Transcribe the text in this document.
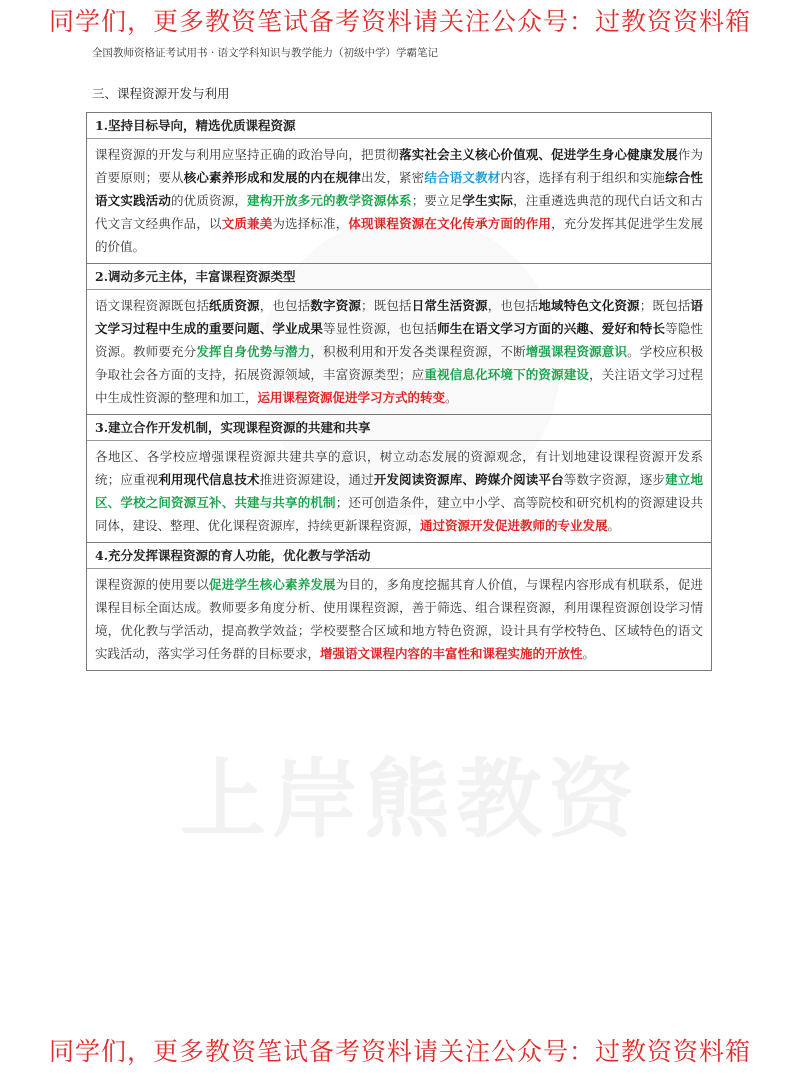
同学们，更多教资笔试备考资料请关注公众号：过教资资料箱
全国教师资格证考试用书 · 语文学科知识与教学能力（初级中学）学霸笔记
上岸熊教资
三、课程资源开发与利用
1.坚持目标导向，精选优质课程资源
课程资源的开发与利用应坚持正确的政治导向，把贯彻落实社会主义核心价值观、促进学生身心健康发展作为首要原则；要从核心素养形成和发展的内在规律出发，紧密结合语文教材内容，选择有利于组织和实施综合性语文实践活动的优质资源，建构开放多元的教学资源体系；要立足学生实际，注重遴选典范的现代白话文和古代文言文经典作品，以文质兼美为选择标准，体现课程资源在文化传承方面的作用，充分发挥其促进学生发展的价值。
2.调动多元主体，丰富课程资源类型
语文课程资源既包括纸质资源，也包括数字资源；既包括日常生活资源，也包括地域特色文化资源；既包括语文学习过程中生成的重要问题、学业成果等显性资源，也包括师生在语文学习方面的兴趣、爱好和特长等隐性资源。教师要充分发挥自身优势与潜力，积极利用和开发各类课程资源，不断增强课程资源意识。学校应积极争取社会各方面的支持，拓展资源领域，丰富资源类型；应重视信息化环境下的资源建设，关注语文学习过程中生成性资源的整理和加工，运用课程资源促进学习方式的转变。
3.建立合作开发机制，实现课程资源的共建和共享
各地区、各学校应增强课程资源共建共享的意识，树立动态发展的资源观念，有计划地建设课程资源开发系统；应重视利用现代信息技术推进资源建设，通过开发阅读资源库、跨媒介阅读平台等数字资源，逐步建立地区、学校之间资源互补、共建与共享的机制；还可创造条件，建立中小学、高等院校和研究机构的资源建设共同体，建设、整理、优化课程资源库，持续更新课程资源，通过资源开发促进教师的专业发展。
4.充分发挥课程资源的育人功能，优化教与学活动
课程资源的使用要以促进学生核心素养发展为目的，多角度挖掘其育人价值，与课程内容形成有机联系，促进课程目标全面达成。教师要多角度分析、使用课程资源，善于筛选、组合课程资源，利用课程资源创设学习情境，优化教与学活动，提高教学效益；学校要整合区域和地方特色资源，设计具有学校特色、区域特色的语文实践活动，落实学习任务群的目标要求，增强语文课程内容的丰富性和课程实施的开放性。
同学们，更多教资笔试备考资料请关注公众号：过教资资料箱
